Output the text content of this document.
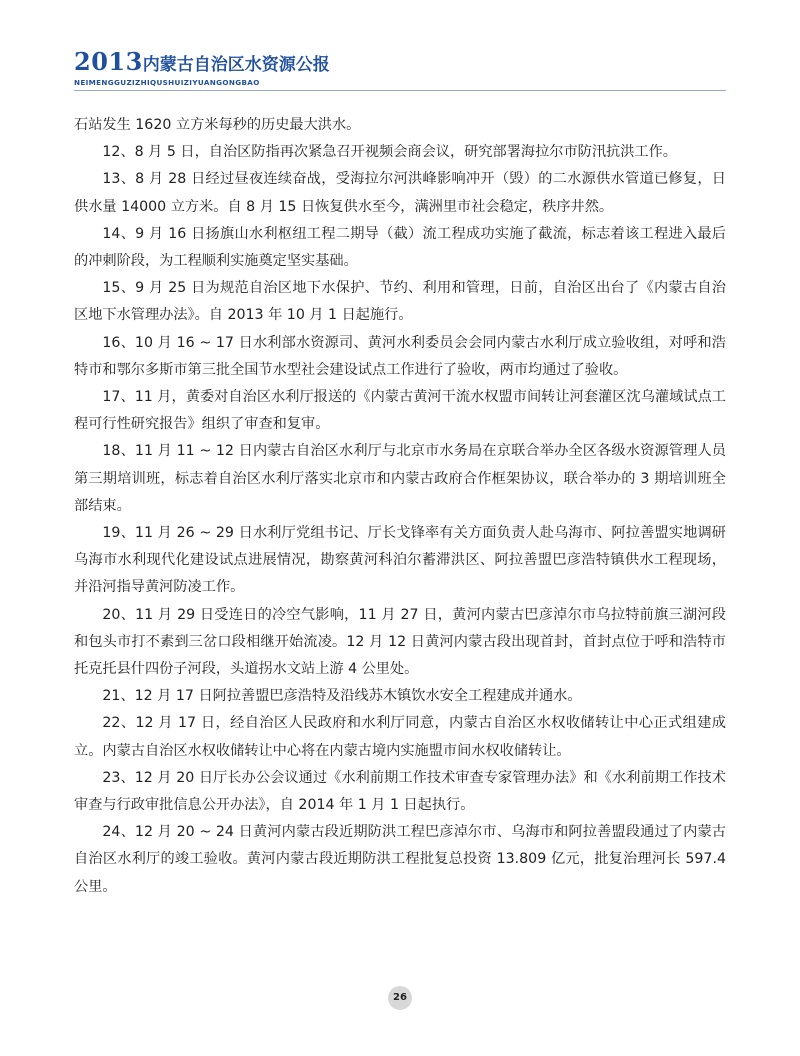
2013内蒙古自治区水资源公报
NEIMENGGUZIZHIQUSHUIZIYUANGONGBAO

石站发生 1620 立方米每秒的历史最大洪水。

12、8 月 5 日，自治区防指再次紧急召开视频会商会议，研究部署海拉尔市防汛抗洪工作。

13、8 月 28 日经过昼夜连续奋战，受海拉尔河洪峰影响冲开（毁）的二水源供水管道已修复，日供水量 14000 立方米。自 8 月 15 日恢复供水至今，满洲里市社会稳定，秩序井然。

14、9 月 16 日扬旗山水利枢纽工程二期导（截）流工程成功实施了截流，标志着该工程进入最后的冲刺阶段，为工程顺利实施奠定坚实基础。

15、9 月 25 日为规范自治区地下水保护、节约、利用和管理，日前，自治区出台了《内蒙古自治区地下水管理办法》。自 2013 年 10 月 1 日起施行。

16、10 月 16 ~ 17 日水利部水资源司、黄河水利委员会会同内蒙古水利厅成立验收组，对呼和浩特市和鄂尔多斯市第三批全国节水型社会建设试点工作进行了验收，两市均通过了验收。

17、11 月，黄委对自治区水利厅报送的《内蒙古黄河干流水权盟市间转让河套灌区沈乌灌域试点工程可行性研究报告》组织了审查和复审。

18、11 月 11 ~ 12 日内蒙古自治区水利厅与北京市水务局在京联合举办全区各级水资源管理人员第三期培训班，标志着自治区水利厅落实北京市和内蒙古政府合作框架协议，联合举办的 3 期培训班全部结束。

19、11 月 26 ~ 29 日水利厅党组书记、厅长戈锋率有关方面负责人赴乌海市、阿拉善盟实地调研乌海市水利现代化建设试点进展情况，勘察黄河科泊尔蓄滞洪区、阿拉善盟巴彦浩特镇供水工程现场，并沿河指导黄河防凌工作。

20、11 月 29 日受连日的冷空气影响，11 月 27 日，黄河内蒙古巴彦淖尔市乌拉特前旗三湖河段和包头市打不素到三岔口段相继开始流凌。12 月 12 日黄河内蒙古段出现首封，首封点位于呼和浩特市托克托县什四份子河段，头道拐水文站上游 4 公里处。

21、12 月 17 日阿拉善盟巴彦浩特及沿线苏木镇饮水安全工程建成并通水。

22、12 月 17 日，经自治区人民政府和水利厅同意，内蒙古自治区水权收储转让中心正式组建成立。内蒙古自治区水权收储转让中心将在内蒙古境内实施盟市间水权收储转让。

23、12 月 20 日厅长办公会议通过《水利前期工作技术审查专家管理办法》和《水利前期工作技术审查与行政审批信息公开办法》，自 2014 年 1 月 1 日起执行。

24、12 月 20 ~ 24 日黄河内蒙古段近期防洪工程巴彦淖尔市、乌海市和阿拉善盟段通过了内蒙古自治区水利厅的竣工验收。黄河内蒙古段近期防洪工程批复总投资 13.809 亿元，批复治理河长 597.4 公里。

26
